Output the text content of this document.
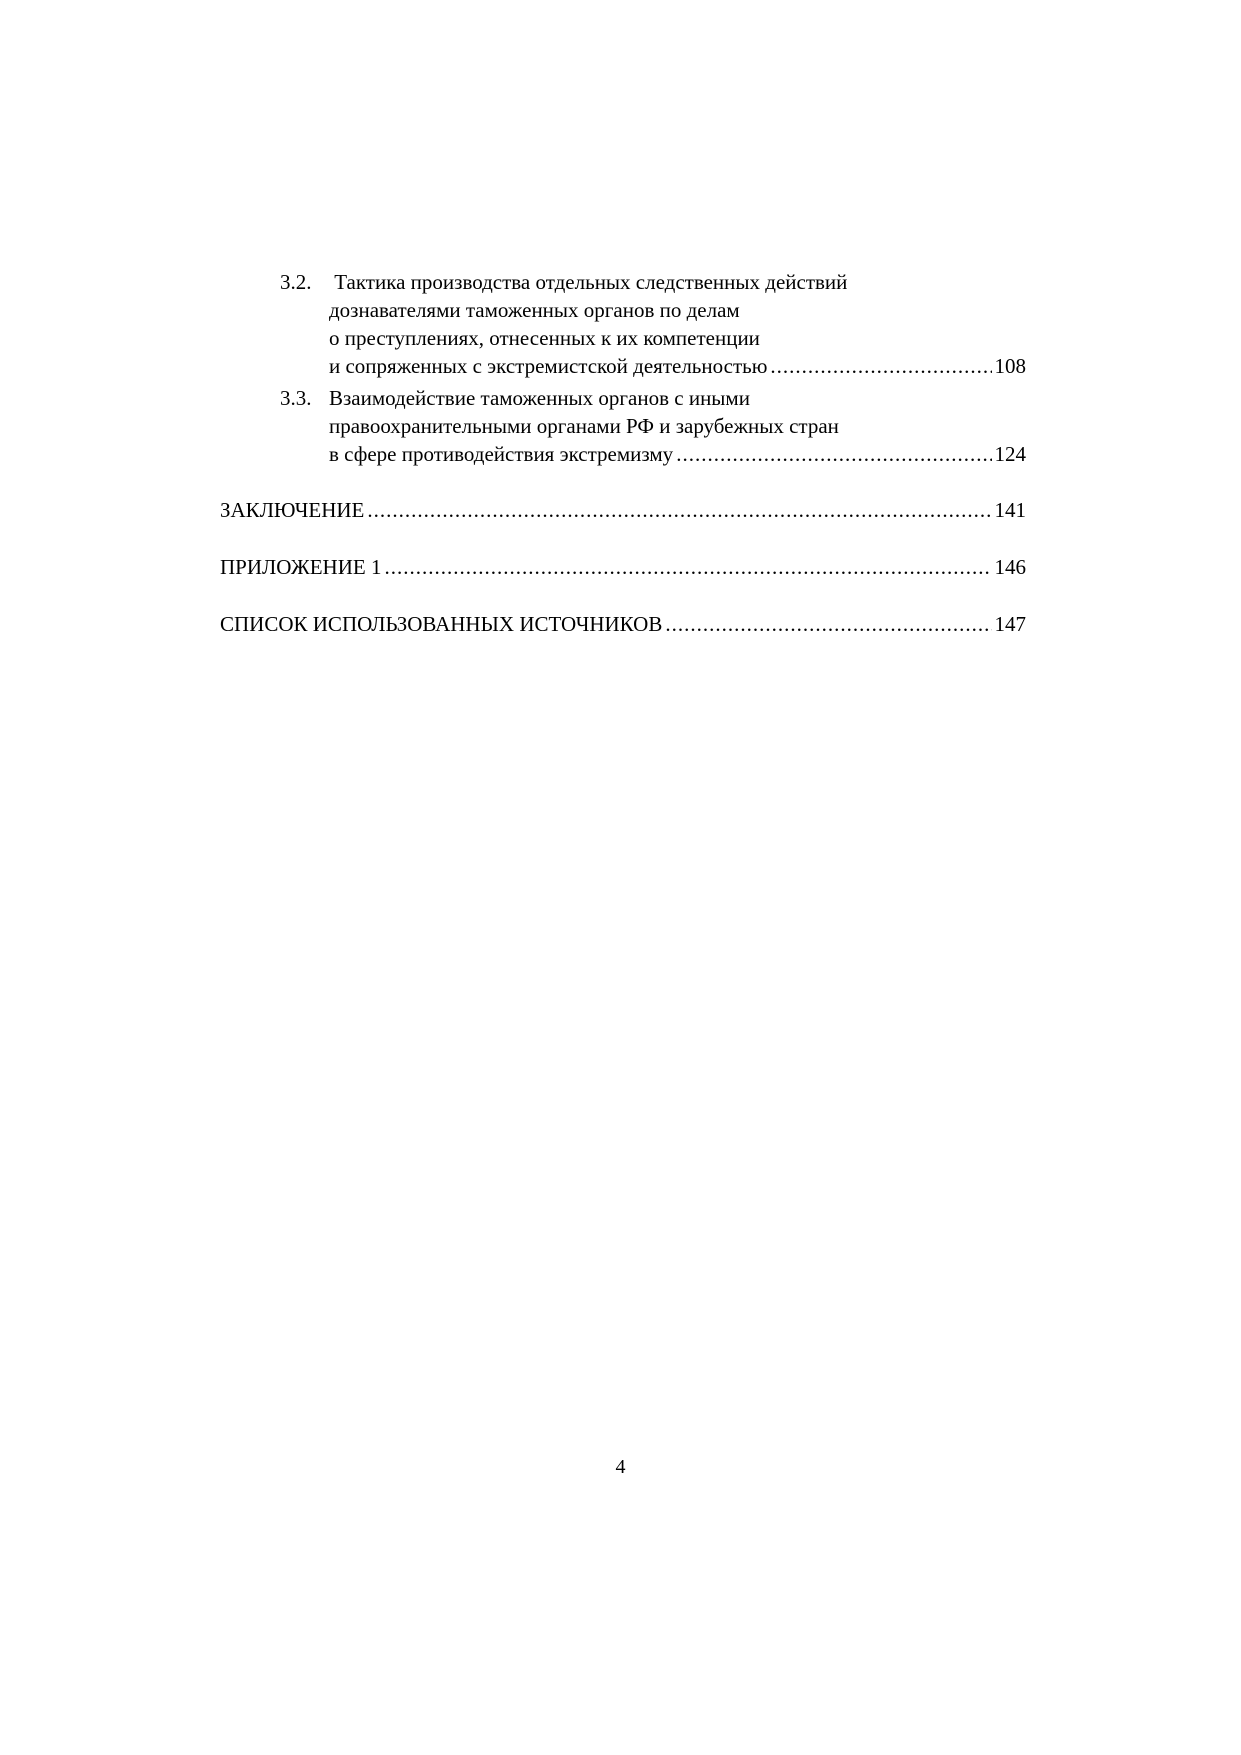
3.2. Тактика производства отдельных следственных действий
дознавателями таможенных органов по делам
о преступлениях, отнесенных к их компетенции
и сопряженных с экстремистской деятельностью .....	108
3.3. Взаимодействие таможенных органов с иными
правоохранительными органами РФ и зарубежных стран
в сфере противодействия экстремизму .....	124
ЗАКЛЮЧЕНИЕ .....	141
ПРИЛОЖЕНИЕ 1 .....	146
СПИСОК ИСПОЛЬЗОВАННЫХ ИСТОЧНИКОВ .....	147
4
